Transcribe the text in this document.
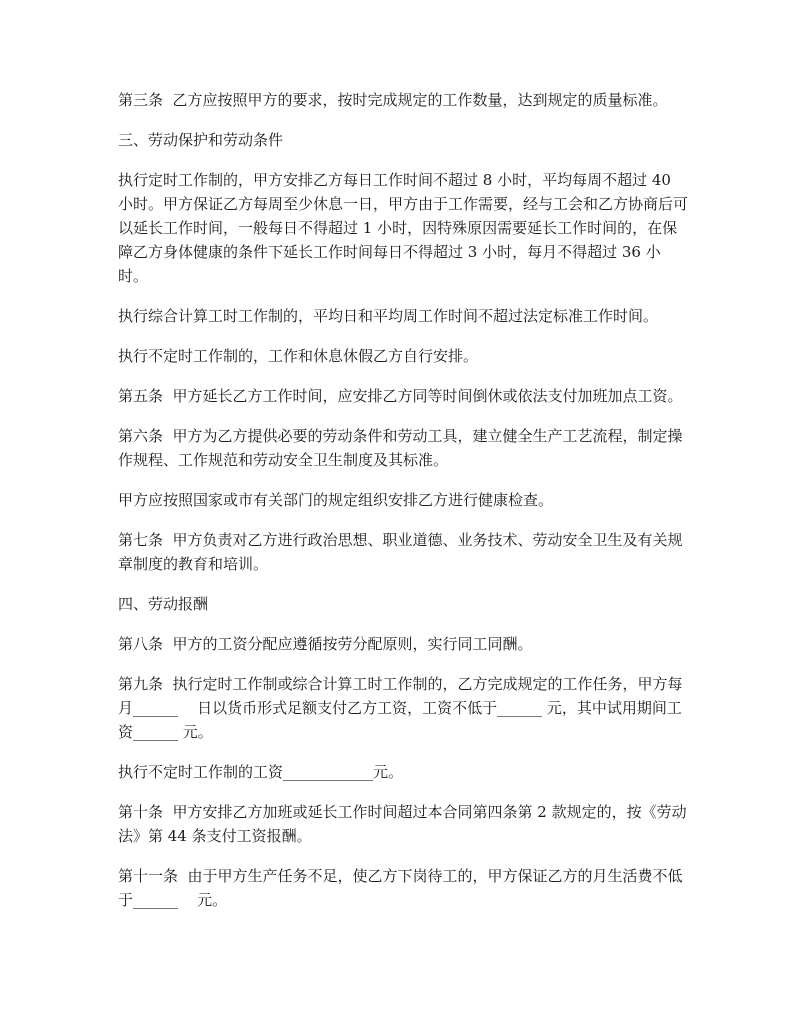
第三条  乙方应按照甲方的要求，按时完成规定的工作数量，达到规定的质量标准。

三、劳动保护和劳动条件

执行定时工作制的，甲方安排乙方每日工作时间不超过 8 小时，平均每周不超过 40 小时。甲方保证乙方每周至少休息一日，甲方由于工作需要，经与工会和乙方协商后可以延长工作时间，一般每日不得超过 1 小时，因特殊原因需要延长工作时间的，在保障乙方身体健康的条件下延长工作时间每日不得超过 3 小时，每月不得超过 36 小时。

执行综合计算工时工作制的，平均日和平均周工作时间不超过法定标准工作时间。

执行不定时工作制的，工作和休息休假乙方自行安排。

第五条  甲方延长乙方工作时间，应安排乙方同等时间倒休或依法支付加班加点工资。

第六条  甲方为乙方提供必要的劳动条件和劳动工具，建立健全生产工艺流程，制定操作规程、工作规范和劳动安全卫生制度及其标准。

甲方应按照国家或市有关部门的规定组织安排乙方进行健康检查。

第七条  甲方负责对乙方进行政治思想、职业道德、业务技术、劳动安全卫生及有关规章制度的教育和培训。

四、劳动报酬

第八条  甲方的工资分配应遵循按劳分配原则，实行同工同酬。

第九条  执行定时工作制或综合计算工时工作制的，乙方完成规定的工作任务，甲方每月______    日以货币形式足额支付乙方工资，工资不低于______ 元，其中试用期间工资______ 元。

执行不定时工作制的工资____________元。

第十条  甲方安排乙方加班或延长工作时间超过本合同第四条第 2 款规定的，按《劳动法》第 44 条支付工资报酬。

第十一条  由于甲方生产任务不足，使乙方下岗待工的，甲方保证乙方的月生活费不低于______    元。
